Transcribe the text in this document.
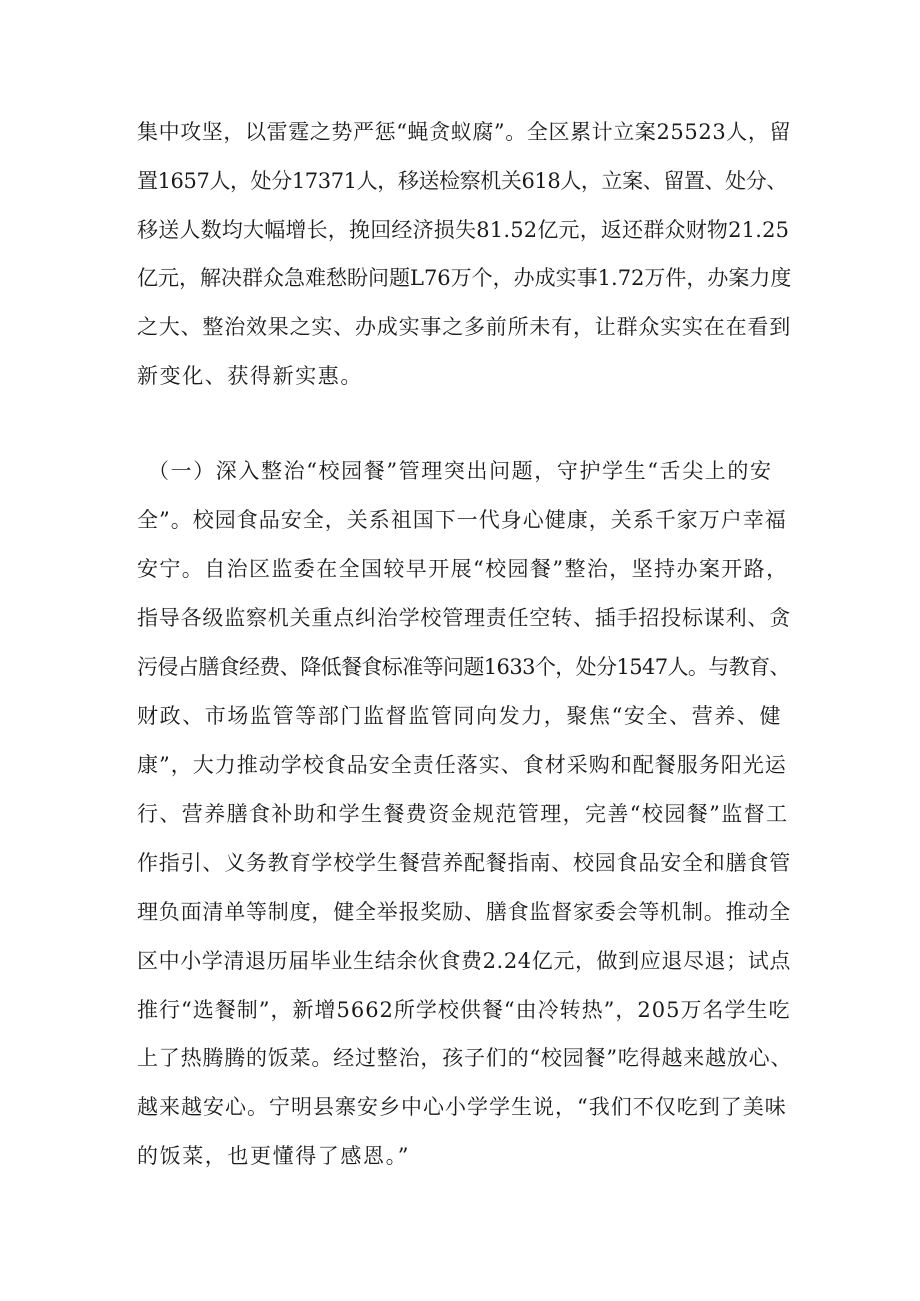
集中攻坚，以雷霆之势严惩“蝇贪蚁腐”。全区累计立案25523人，留
置1657人，处分17371人，移送检察机关618人，立案、留置、处分、
移送人数均大幅增长，挽回经济损失81.52亿元，返还群众财物21.25
亿元，解决群众急难愁盼问题L76万个，办成实事1.72万件，办案力度
之大、整治效果之实、办成实事之多前所未有，让群众实实在在看到
新变化、获得新实惠。
（一）深入整治“校园餐”管理突出问题，守护学生“舌尖上的安
全”。校园食品安全，关系祖国下一代身心健康，关系千家万户幸福
安宁。自治区监委在全国较早开展“校园餐”整治，坚持办案开路，
指导各级监察机关重点纠治学校管理责任空转、插手招投标谋利、贪
污侵占膳食经费、降低餐食标准等问题1633个，处分1547人。与教育、
财政、市场监管等部门监督监管同向发力，聚焦“安全、营养、健
康”，大力推动学校食品安全责任落实、食材采购和配餐服务阳光运
行、营养膳食补助和学生餐费资金规范管理，完善“校园餐”监督工
作指引、义务教育学校学生餐营养配餐指南、校园食品安全和膳食管
理负面清单等制度，健全举报奖励、膳食监督家委会等机制。推动全
区中小学清退历届毕业生结余伙食费2.24亿元，做到应退尽退；试点
推行“选餐制”，新增5662所学校供餐“由冷转热”，205万名学生吃
上了热腾腾的饭菜。经过整治，孩子们的“校园餐”吃得越来越放心、
越来越安心。宁明县寨安乡中心小学学生说，“我们不仅吃到了美味
的饭菜，也更懂得了感恩。”
